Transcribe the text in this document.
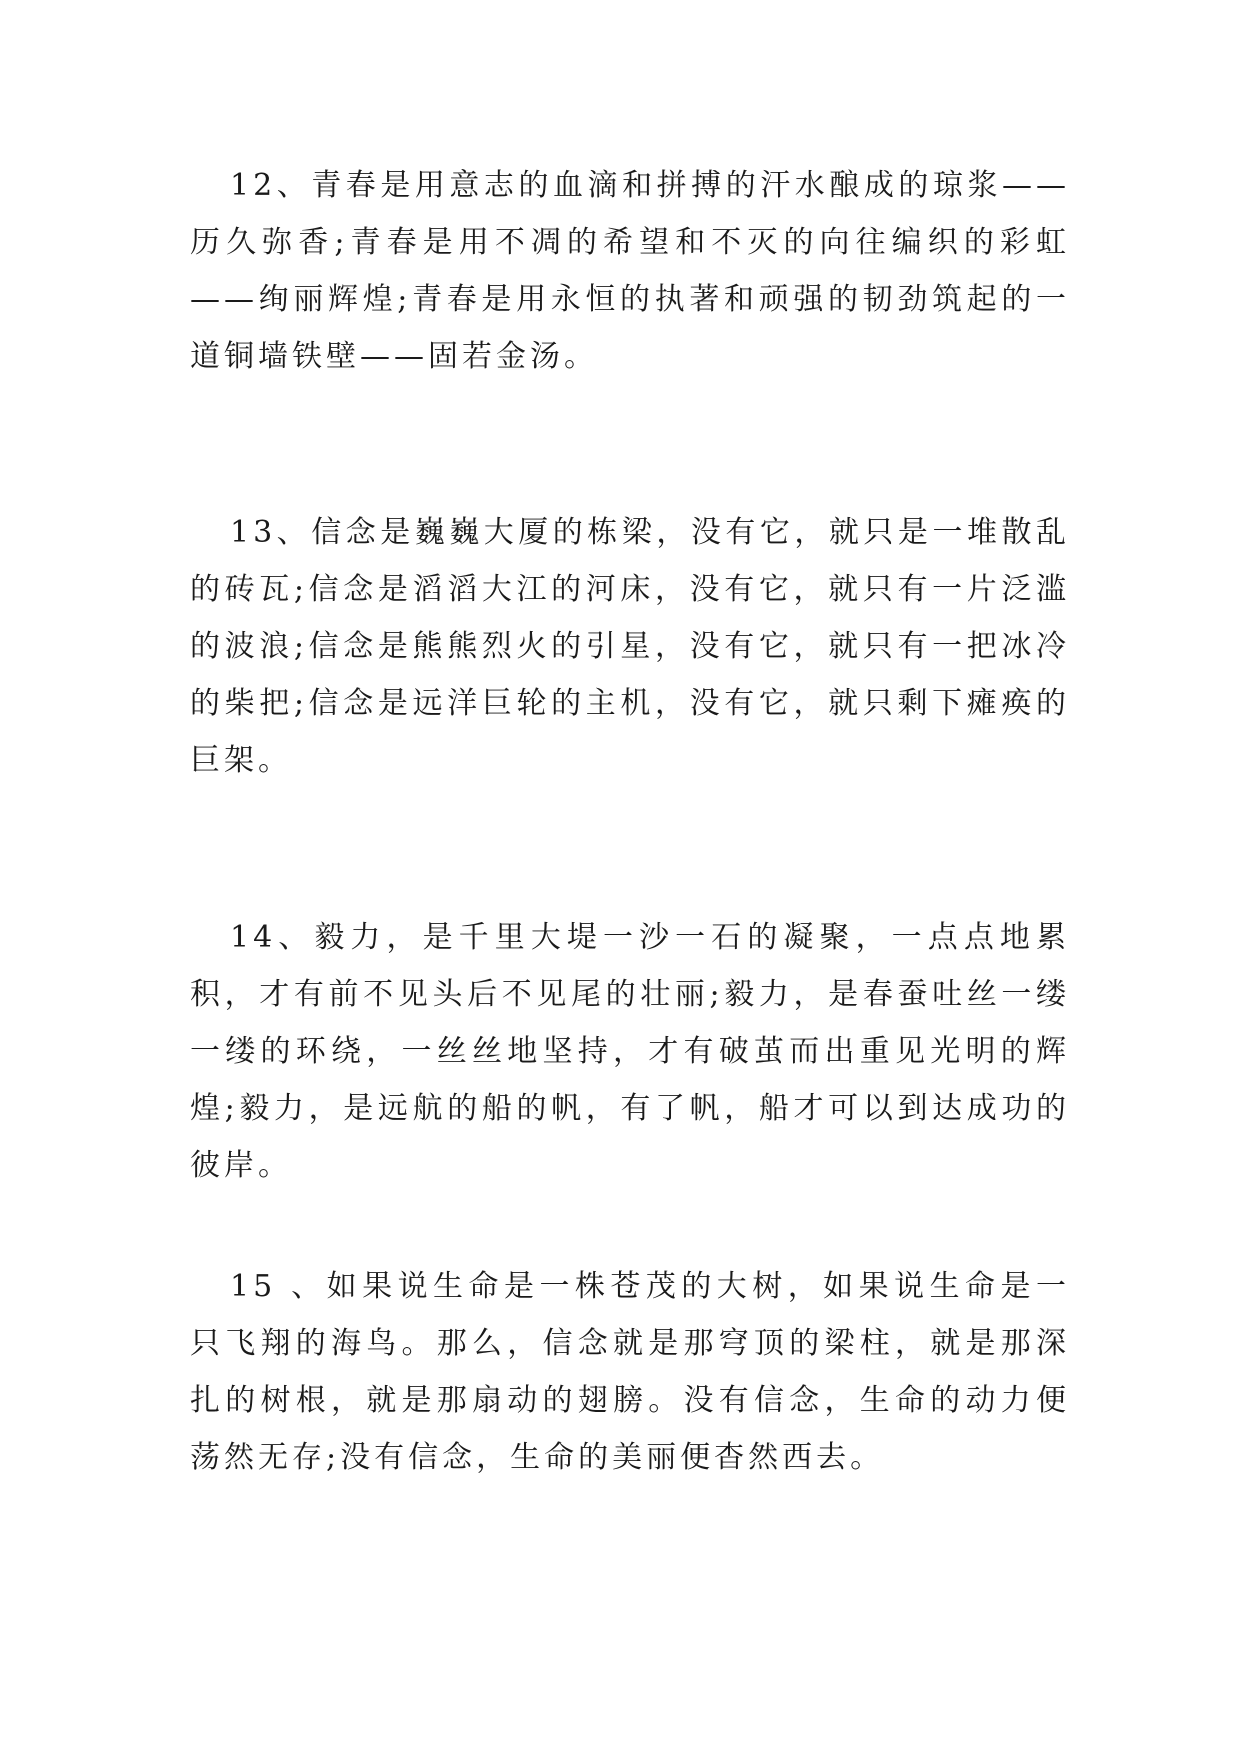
12、青春是用意志的血滴和拼搏的汗水酿成的琼浆——历久弥香;青春是用不凋的希望和不灭的向往编织的彩虹——绚丽辉煌;青春是用永恒的执著和顽强的韧劲筑起的一道铜墙铁壁——固若金汤。

13、信念是巍巍大厦的栋梁，没有它，就只是一堆散乱的砖瓦;信念是滔滔大江的河床，没有它，就只有一片泛滥的波浪;信念是熊熊烈火的引星，没有它，就只有一把冰冷的柴把;信念是远洋巨轮的主机，没有它，就只剩下瘫痪的巨架。

14、毅力，是千里大堤一沙一石的凝聚，一点点地累积，才有前不见头后不见尾的壮丽;毅力，是春蚕吐丝一缕一缕的环绕，一丝丝地坚持，才有破茧而出重见光明的辉煌;毅力，是远航的船的帆，有了帆，船才可以到达成功的彼岸。

15 、如果说生命是一株苍茂的大树，如果说生命是一只飞翔的海鸟。那么，信念就是那穹顶的梁柱，就是那深扎的树根，就是那扇动的翅膀。没有信念，生命的动力便荡然无存;没有信念，生命的美丽便杳然西去。
